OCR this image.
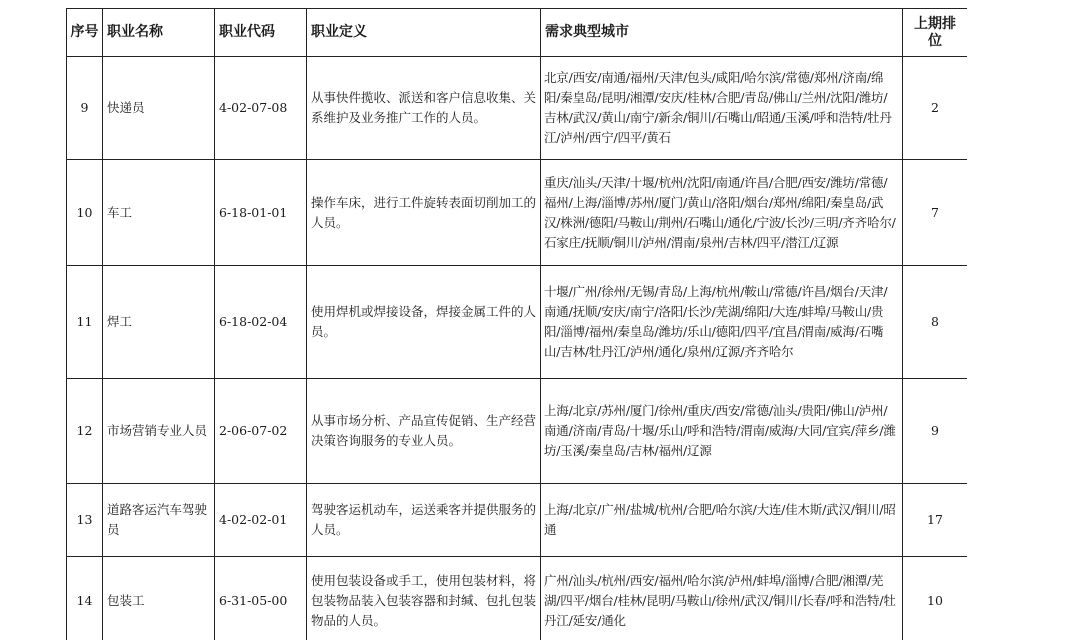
序号	职业名称	职业代码	职业定义	需求典型城市	上期排
位

9	快递员	4-02-07-08	从事快件揽收、派送和客户信息收集、关系维护及业务推广工作的人员。	北京/西安/南通/福州/天津/包头/咸阳/哈尔滨/常德/郑州/济南/绵阳/秦皇岛/昆明/湘潭/安庆/桂林/合肥/青岛/佛山/兰州/沈阳/潍坊/吉林/武汉/黄山/南宁/新余/铜川/石嘴山/昭通/玉溪/呼和浩特/牡丹江/泸州/西宁/四平/黄石	2
10	车工	6-18-01-01	操作车床，进行工件旋转表面切削加工的人员。	重庆/汕头/天津/十堰/杭州/沈阳/南通/许昌/合肥/西安/潍坊/常德/福州/上海/淄博/苏州/厦门/黄山/洛阳/烟台/郑州/绵阳/秦皇岛/武汉/株洲/德阳/马鞍山/荆州/石嘴山/通化/宁波/长沙/三明/齐齐哈尔/石家庄/抚顺/铜川/泸州/渭南/泉州/吉林/四平/潜江/辽源	7
11	焊工	6-18-02-04	使用焊机或焊接设备，焊接金属工件的人员。	十堰/广州/徐州/无锡/青岛/上海/杭州/鞍山/常德/许昌/烟台/天津/南通/抚顺/安庆/南宁/洛阳/长沙/芜湖/绵阳/大连/蚌埠/马鞍山/贵阳/淄博/福州/秦皇岛/潍坊/乐山/德阳/四平/宜昌/渭南/威海/石嘴山/吉林/牡丹江/泸州/通化/泉州/辽源/齐齐哈尔	8
12	市场营销专业人员	2-06-07-02	从事市场分析、产品宣传促销、生产经营决策咨询服务的专业人员。	上海/北京/苏州/厦门/徐州/重庆/西安/常德/汕头/贵阳/佛山/泸州/南通/济南/青岛/十堰/乐山/呼和浩特/渭南/威海/大同/宜宾/萍乡/潍坊/玉溪/秦皇岛/吉林/福州/辽源	9
13	道路客运汽车驾驶员	4-02-02-01	驾驶客运机动车，运送乘客并提供服务的人员。	上海/北京/广州/盐城/杭州/合肥/哈尔滨/大连/佳木斯/武汉/铜川/昭通	17
14	包装工	6-31-05-00	使用包装设备或手工，使用包装材料，将包装物品装入包装容器和封缄、包扎包装物品的人员。	广州/汕头/杭州/西安/福州/哈尔滨/泸州/蚌埠/淄博/合肥/湘潭/芜湖/四平/烟台/桂林/昆明/马鞍山/徐州/武汉/铜川/长春/呼和浩特/牡丹江/延安/通化	10
